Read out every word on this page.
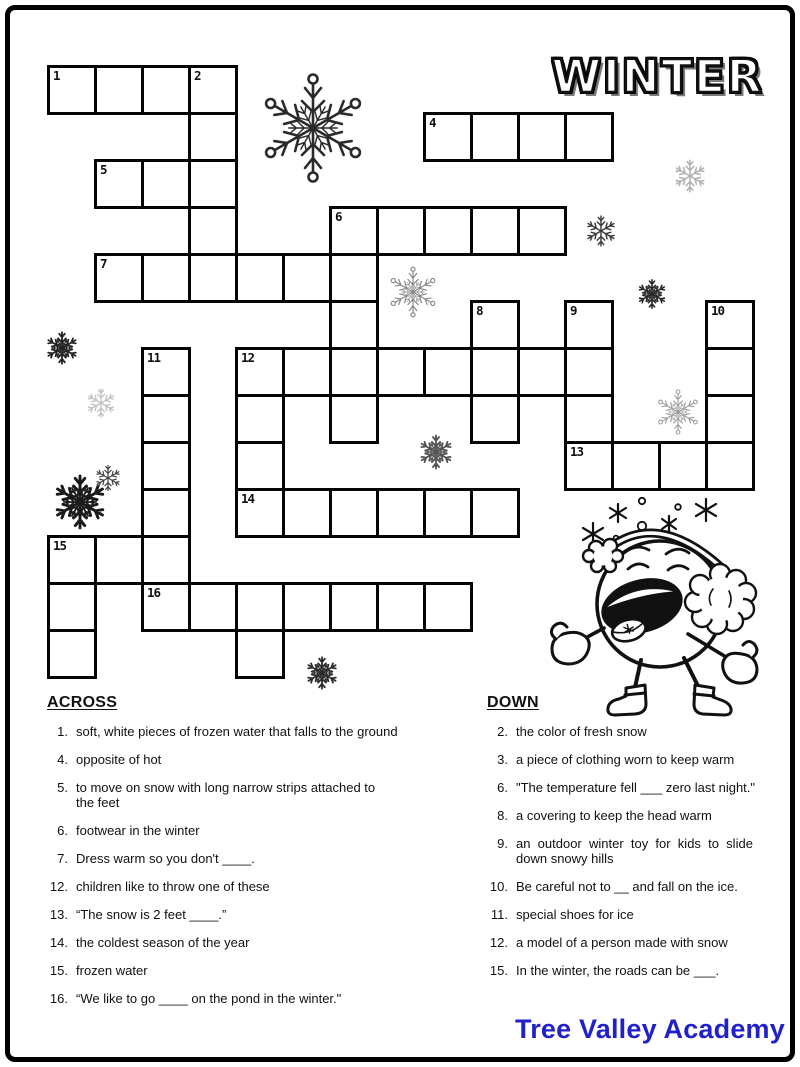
WINTER
1	2
4
5
6
7
8	9	10
11	12
13
14
15
16
ACROSS
1. soft, white pieces of frozen water that falls to the ground
4. opposite of hot
5. to move on snow with long narrow strips attached to
the feet
6. footwear in the winter
7. Dress warm so you don't ____.
12. children like to throw one of these
13. “The snow is 2 feet ____.”
14. the coldest season of the year
15. frozen water
16. “We like to go ____ on the pond in the winter."
DOWN
2. the color of fresh snow
3. a piece of clothing worn to keep warm
6. "The temperature fell ___ zero last night."
8. a covering to keep the head warm
9. an outdoor winter toy for kids to slide
down snowy hills
10. Be careful not to __ and fall on the ice.
11. special shoes for ice
12. a model of a person made with snow
15. In the winter, the roads can be ___.
Tree Valley Academy
